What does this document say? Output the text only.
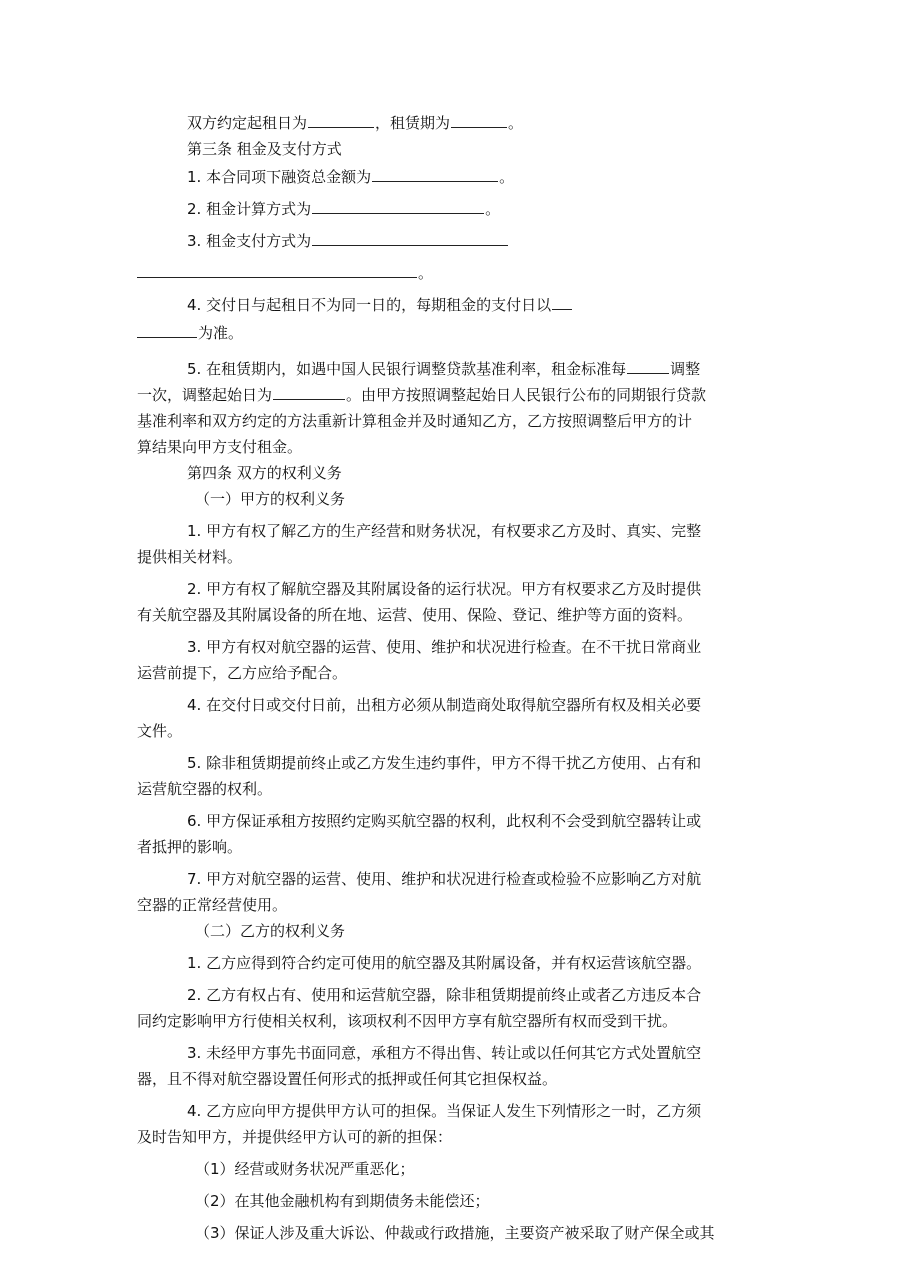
双方约定起租日为	，租赁期为	。
第三条 租金及支付方式
1. 本合同项下融资总金额为	。
2. 租金计算方式为	。
3. 租金支付方式为
。
4. 交付日与起租日不为同一日的，每期租金的支付日以
为准。
5. 在租赁期内，如遇中国人民银行调整贷款基准利率，租金标准每	调整
一次，调整起始日为	。由甲方按照调整起始日人民银行公布的同期银行贷款
基准利率和双方约定的方法重新计算租金并及时通知乙方，乙方按照调整后甲方的计
算结果向甲方支付租金。
第四条 双方的权利义务
（一）甲方的权利义务
1. 甲方有权了解乙方的生产经营和财务状况，有权要求乙方及时、真实、完整
提供相关材料。
2. 甲方有权了解航空器及其附属设备的运行状况。甲方有权要求乙方及时提供
有关航空器及其附属设备的所在地、运营、使用、保险、登记、维护等方面的资料。
3. 甲方有权对航空器的运营、使用、维护和状况进行检查。在不干扰日常商业
运营前提下，乙方应给予配合。
4. 在交付日或交付日前，出租方必须从制造商处取得航空器所有权及相关必要
文件。
5. 除非租赁期提前终止或乙方发生违约事件，甲方不得干扰乙方使用、占有和
运营航空器的权利。
6. 甲方保证承租方按照约定购买航空器的权利，此权利不会受到航空器转让或
者抵押的影响。
7. 甲方对航空器的运营、使用、维护和状况进行检查或检验不应影响乙方对航
空器的正常经营使用。
（二）乙方的权利义务
1. 乙方应得到符合约定可使用的航空器及其附属设备，并有权运营该航空器。
2. 乙方有权占有、使用和运营航空器，除非租赁期提前终止或者乙方违反本合
同约定影响甲方行使相关权利，该项权利不因甲方享有航空器所有权而受到干扰。
3. 未经甲方事先书面同意，承租方不得出售、转让或以任何其它方式处置航空
器，且不得对航空器设置任何形式的抵押或任何其它担保权益。
4. 乙方应向甲方提供甲方认可的担保。当保证人发生下列情形之一时，乙方须
及时告知甲方，并提供经甲方认可的新的担保：
（1）经营或财务状况严重恶化；
（2）在其他金融机构有到期债务未能偿还；
（3）保证人涉及重大诉讼、仲裁或行政措施，主要资产被采取了财产保全或其
